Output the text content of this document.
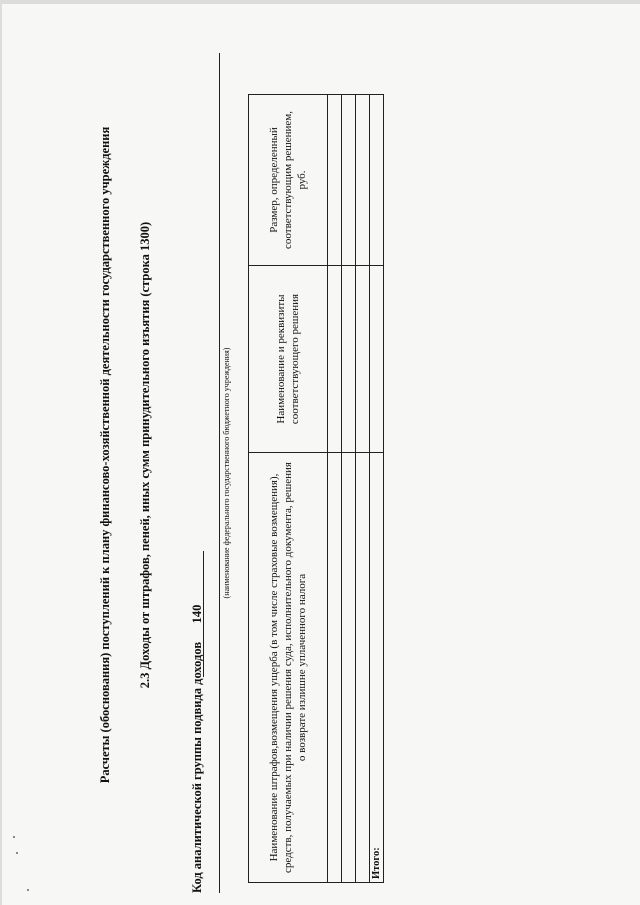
Расчеты (обоснования) поступлений к плану финансово-хозяйственной деятельности государственного учреждения 2.3 Доходы от штрафов, пеней, иных сумм принудительного изъятия (строка 1300)
Код аналитической группы подвида доходов
140
(наименование федерального государственного бюджетного учреждения)
Наименование штрафов,возмещения ущерба (в том числе страховые возмещения), средств, получаемых при наличии решения суда, исполнительного документа, решения о возврате излишне уплаченного налога	Наименование и реквизиты соответствующего решения	Размер, определенный соответствующим решением, руб.

Итого:		
